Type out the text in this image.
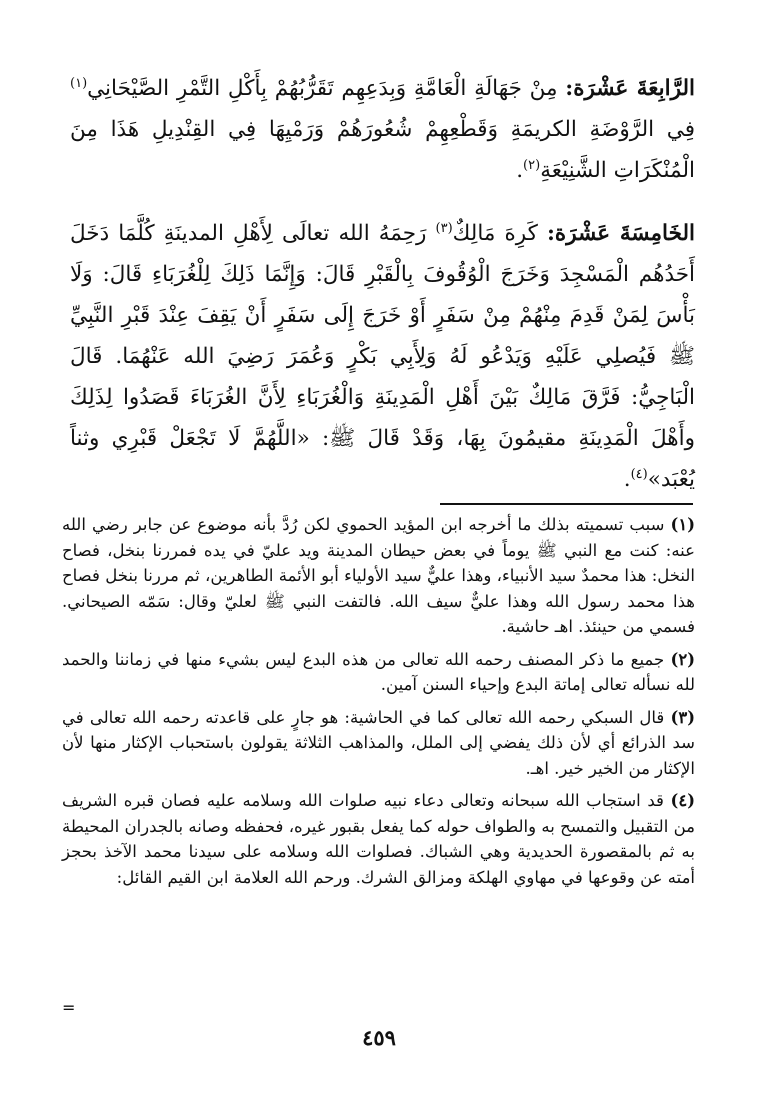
الرَّابِعَةَ عَشْرَة: مِنْ جَهَالَةِ الْعَامَّةِ وَبِدَعِهِم تَقَرُّبُهُمْ بِأَكْلِ التَّمْرِ الصَّيْحَانِي$^{(١)}$ فِي الرَّوْضَةِ الكريمَةِ وَقَطْعِهِمْ شُعُورَهُمْ وَرَمْيِهَا فِي القِنْدِيلِ هَذَا مِنَ الْمُنْكَرَاتِ الشَّنِيْعَةِ$^{(٢)}$.

الخَامِسَةَ عَشْرَة: كَرِهَ مَالِكٌ$^{(٣)}$ رَحِمَهُ الله تعالَى لِأَهْلِ المدينَةِ كُلَّمَا دَخَلَ أَحَدُهُم الْمَسْجِدَ وَخَرَجَ الْوُقُوفَ بِالْقَبْرِ قَالَ: وَإِنَّمَا ذَلِكَ لِلْغُرَبَاءِ قَالَ: وَلَا بَأْسَ لِمَنْ قَدِمَ مِنْهُمْ مِنْ سَفَرٍ أَوْ خَرَجَ إِلَى سَفَرٍ أَنْ يَقِفَ عِنْدَ قَبْرِ النَّبِيِّ ﷺ فَيُصلِي عَلَيْهِ وَيَدْعُو لَهُ وَلِأَبِي بَكْرٍ وَعُمَرَ رَضِيَ الله عَنْهُمَا. قَالَ الْبَاجِيُّ: فَرَّقَ مَالِكٌ بَيْنَ أَهْلِ الْمَدِينَةِ وَالْغُرَبَاءِ لِأَنَّ الغُرَبَاءَ قَصَدُوا لِذَلِكَ وأَهْلَ الْمَدِينَةِ مقيمُونَ بِهَا، وَقَدْ قَالَ ﷺ: «اللَّهُمَّ لَا تَجْعَلْ قَبْرِي وثناً يُعْبَد»$^{(٤)}$.

(١) سبب تسميته بذلك ما أخرجه ابن المؤيد الحموي لكن رُدَّ بأنه موضوع عن جابر رضي الله عنه: كنت مع النبي ﷺ يوماً في بعض حيطان المدينة ويد عليّ في يده فمررنا بنخل، فصاح النخل: هذا محمدٌ سيد الأنبياء، وهذا عليٌّ سيد الأولياء أبو الأئمة الطاهرين، ثم مررنا بنخل فصاح هذا محمد رسول الله وهذا عليٌّ سيف الله. فالتفت النبي ﷺ لعليّ وقال: سَمّه الصيحاني. فسمي من حينئذ. اهـ حاشية.

(٢) جميع ما ذكر المصنف رحمه الله تعالى من هذه البدع ليس بشيء منها في زماننا والحمد لله نسأله تعالى إماتة البدع وإحياء السنن آمين.

(٣) قال السبكي رحمه الله تعالى كما في الحاشية: هو جارٍ على قاعدته رحمه الله تعالى في سد الذرائع أي لأن ذلك يفضي إلى الملل، والمذاهب الثلاثة يقولون باستحباب الإكثار منها لأن الإكثار من الخير خير. اهـ.

(٤) قد استجاب الله سبحانه وتعالى دعاء نبيه صلوات الله وسلامه عليه فصان قبره الشريف من التقبيل والتمسح به والطواف حوله كما يفعل بقبور غيره، فحفظه وصانه بالجدران المحيطة به ثم بالمقصورة الحديدية وهي الشباك. فصلوات الله وسلامه على سيدنا محمد الآخذ بحجز أمته عن وقوعها في مهاوي الهلكة ومزالق الشرك. ورحم الله العلامة ابن القيم القائل:

=
٤٥٩
